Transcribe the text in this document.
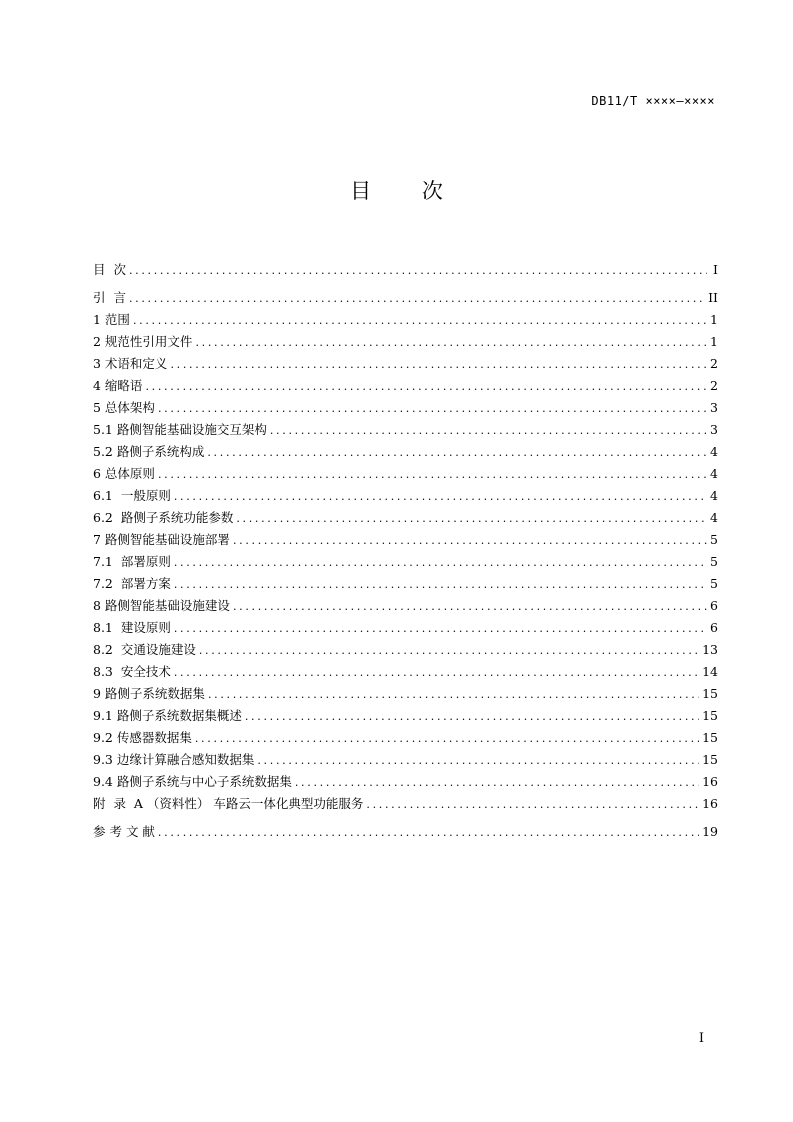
DB11/T ××××—××××
目 次
目  次 .....	I
引  言 .....	II
1 范围 .....	1
2 规范性引用文件 .....	1
3 术语和定义 .....	2
4 缩略语 .....	2
5 总体架构 .....	3
5.1 路侧智能基础设施交互架构 .....	3
5.2 路侧子系统构成 .....	4
6 总体原则 .....	4
6.1  一般原则 .....	4
6.2  路侧子系统功能参数 .....	4
7 路侧智能基础设施部署 .....	5
7.1  部署原则 .....	5
7.2  部署方案 .....	5
8 路侧智能基础设施建设 .....	6
8.1  建设原则 .....	6
8.2  交通设施建设 .....	13
8.3  安全技术 .....	14
9 路侧子系统数据集 .....	15
9.1 路侧子系统数据集概述 .....	15
9.2 传感器数据集 .....	15
9.3 边缘计算融合感知数据集 .....	15
9.4 路侧子系统与中心子系统数据集 .....	16
附  录  A （资料性） 车路云一体化典型功能服务 .....	16
参 考 文 献 .....	19
I
